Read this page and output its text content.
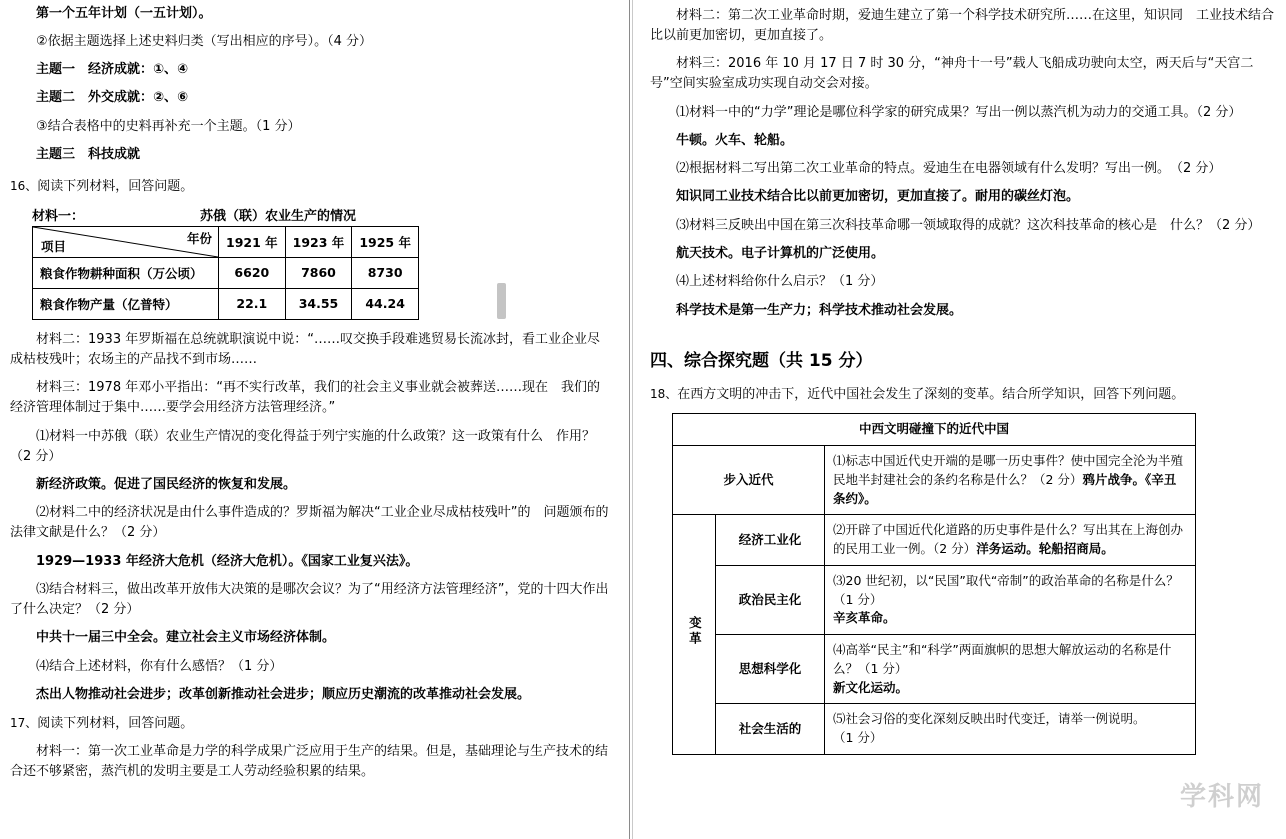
第一个五年计划（一五计划）。

②依据主题选择上述史料归类（写出相应的序号）。（4 分）

主题一　经济成就：①、④

主题二　外交成就：②、⑥

③结合表格中的史料再补充一个主题。（1 分）

主题三　科技成就

16、阅读下列材料，回答问题。

材料一：	苏俄（联）农业生产的情况
年份
项目	1921 年	1923 年	1925 年
粮食作物耕种面积（万公顷）	6620	7860	8730
粮食作物产量（亿普特）	22.1	34.55	44.24

材料二：1933 年罗斯福在总统就职演说中说：“……叹交换手段难逃贸易长流冰封，看工业企业尽成枯枝残叶；农场主的产品找不到市场……

材料三：1978 年邓小平指出：“再不实行改革，我们的社会主义事业就会被葬送……现在　我们的经济管理体制过于集中……要学会用经济方法管理经济。”

⑴材料一中苏俄（联）农业生产情况的变化得益于列宁实施的什么政策？这一政策有什么　作用？（2 分）

新经济政策。促进了国民经济的恢复和发展。

⑵材料二中的经济状况是由什么事件造成的？罗斯福为解决“工业企业尽成枯枝残叶”的　问题颁布的法律文献是什么？（2 分）

1929—1933 年经济大危机（经济大危机）。《国家工业复兴法》。

⑶结合材料三，做出改革开放伟大决策的是哪次会议？为了“用经济方法管理经济”，党的十四大作出了什么决定？（2 分）

中共十一届三中全会。建立社会主义市场经济体制。

⑷结合上述材料，你有什么感悟？（1 分）

杰出人物推动社会进步；改革创新推动社会进步；顺应历史潮流的改革推动社会发展。

17、阅读下列材料，回答问题。

材料一：第一次工业革命是力学的科学成果广泛应用于生产的结果。但是，基础理论与生产技术的结合还不够紧密，蒸汽机的发明主要是工人劳动经验积累的结果。

材料二：第二次工业革命时期，爱迪生建立了第一个科学技术研究所……在这里，知识同　工业技术结合比以前更加密切，更加直接了。

材料三：2016 年 10 月 17 日 7 时 30 分，“神舟十一号”载人飞船成功驶向太空，两天后与“天宫二号”空间实验室成功实现自动交会对接。

⑴材料一中的“力学”理论是哪位科学家的研究成果？写出一例以蒸汽机为动力的交通工具。（2 分）

牛顿。火车、轮船。

⑵根据材料二写出第二次工业革命的特点。爱迪生在电器领域有什么发明？写出一例。　（2 分）

知识同工业技术结合比以前更加密切，更加直接了。耐用的碳丝灯泡。

⑶材料三反映出中国在第三次科技革命哪一领域取得的成就？这次科技革命的核心是　什么？（2 分）

航天技术。电子计算机的广泛使用。

⑷上述材料给你什么启示？（1 分）

科学技术是第一生产力；科学技术推动社会发展。

四、综合探究题（共 15 分）

18、在西方文明的冲击下，近代中国社会发生了深刻的变革。结合所学知识，回答下列问题。

中西文明碰撞下的近代中国		
步入近代		⑴标志中国近代史开端的是哪一历史事件？使中国完全沦为半殖民地半封建社会的条约名称是什么？（2 分）鸦片战争。《辛丑条约》。
变革	经济工业化	⑵开辟了中国近代化道路的历史事件是什么？写出其在上海创办的民用工业一例。（2 分）洋务运动。轮船招商局。
	政治民主化	⑶20 世纪初，以“民国”取代“帝制”的政治革命的名称是什么？（1 分）
辛亥革命。
	思想科学化	⑷高举“民主”和“科学”两面旗帜的思想大解放运动的名称是什么？（1 分）
新文化运动。
	社会生活的	⑸社会习俗的变化深刻反映出时代变迁，请举一例说明。（1 分）
学科网
